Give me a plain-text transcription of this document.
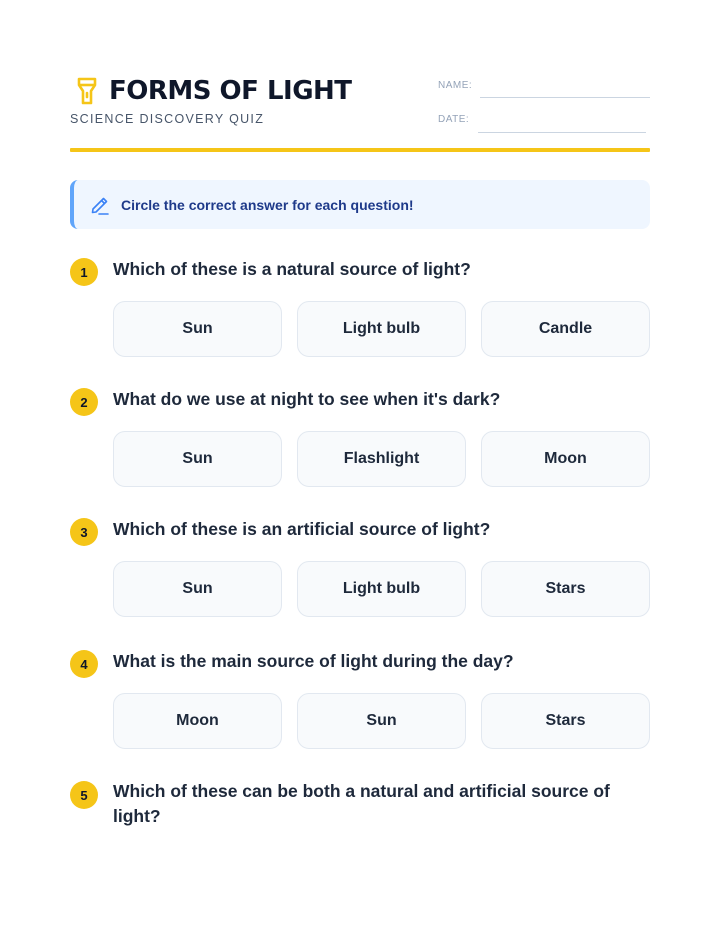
FORMS OF LIGHT
SCIENCE DISCOVERY QUIZ
NAME:
DATE:
Circle the correct answer for each question!
1	Which of these is a natural source of light?
Sun	Light bulb	Candle
2	What do we use at night to see when it's dark?
Sun	Flashlight	Moon
3	Which of these is an artificial source of light?
Sun	Light bulb	Stars
4	What is the main source of light during the day?
Moon	Sun	Stars
5	Which of these can be both a natural and artificial source of light?
